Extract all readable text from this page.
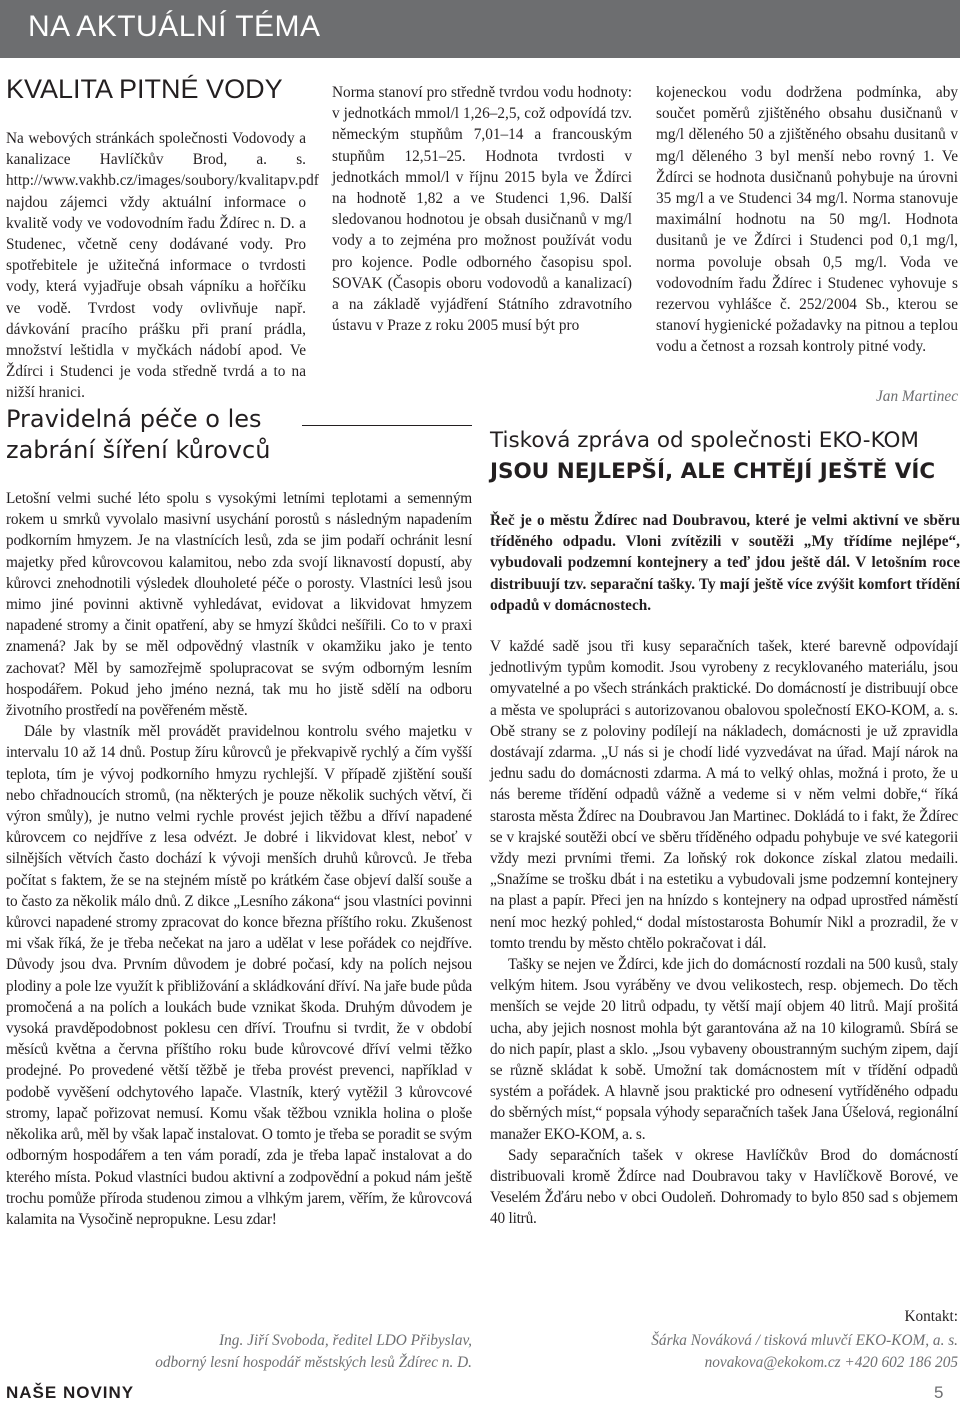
NA AKTUÁLNÍ TÉMA
KVALITA PITNÉ VODY

Na webových stránkách společnosti Vodovody a kanalizace Havlíčkův Brod, a. s. http://www.vakhb.cz/images/soubory/kvalitapv.pdf najdou zájemci vždy aktuální informace o kvalitě vody ve vodovodním řadu Ždírec n. D. a Studenec, včetně ceny dodávané vody. Pro spotřebitele je užitečná informace o tvrdosti vody, která vyjadřuje obsah vápníku a hořčíku ve vodě. Tvrdost vody ovlivňuje např. dávkování pracího prášku při praní prádla, množství leštidla v myčkách nádobí apod. Ve Ždírci i Studenci je voda středně tvrdá a to na nižší hranici.

Norma stanoví pro středně tvrdou vodu hodnoty: v jednotkách mmol/l 1,26–2,5, což odpovídá tzv. německým stupňům 7,01–14 a francouským stupňům 12,51–25. Hodnota tvrdosti v jednotkách mmol/l v říjnu 2015 byla ve Ždírci na hodnotě 1,82 a ve Studenci 1,96. Další sledovanou hodnotou je obsah dusičnanů v mg/l vody a to zejména pro možnost používát vodu pro kojence. Podle odborného časopisu spol. SOVAK (Časopis oboru vodovodů a kanalizací) a na základě vyjádření Státního zdravotního ústavu v Praze z roku 2005 musí být pro

kojeneckou vodu dodržena podmínka, aby součet poměrů zjištěného obsahu dusičnanů v mg/l děleného 50 a zjištěného obsahu dusitanů v mg/l děleného 3 byl menší nebo rovný 1. Ve Ždírci se hodnota dusičnanů pohybuje na úrovni 35 mg/l a ve Studenci 34 mg/l. Norma stanovuje maximální hodnotu na 50 mg/l. Hodnota dusitanů je ve Ždírci i Studenci pod 0,1 mg/l, norma povoluje obsah 0,5 mg/l. Voda ve vodovodním řadu Ždírec i Studenec vyhovuje s rezervou vyhlášce č. 252/2004 Sb., kterou se stanoví hygienické požadavky na pitnou a teplou vodu a četnost a rozsah kontroly pitné vody.

Jan Martinec
Pravidelná péče o les zabrání šíření kůrovců

Letošní velmi suché léto spolu s vysokými letními teplotami a semenným rokem u smrků vyvolalo masivní usychání porostů s následným napadením podkorním hmyzem. Je na vlastnících lesů, zda se jim podaří ochránit lesní majetky před kůrovcovou kalamitou, nebo zda svojí liknavostí dopustí, aby kůrovci znehodnotili výsledek dlouholeté péče o porosty. Vlastníci lesů jsou mimo jiné povinni aktivně vyhledávat, evidovat a likvidovat hmyzem napadené stromy a činit opatření, aby se hmyzí škůdci nešířili. Co to v praxi znamená? Jak by se měl odpovědný vlastník v okamžiku jako je tento zachovat? Měl by samozřejmě spolupracovat se svým odborným lesním hospodářem. Pokud jeho jméno nezná, tak mu ho jistě sdělí na odboru životního prostředí na pověřeném městě.

Dále by vlastník měl provádět pravidelnou kontrolu svého majetku v intervalu 10 až 14 dnů. Postup žíru kůrovců je překvapivě rychlý a čím vyšší teplota, tím je vývoj podkorního hmyzu rychlejší. V případě zjištění souší nebo chřadnoucích stromů, (na některých je pouze několik suchých větví, či výron smůly), je nutno velmi rychle provést jejich těžbu a dříví napadené kůrovcem co nejdříve z lesa odvézt. Je dobré i likvidovat klest, neboť v silnějších větvích často dochází k vývoji menších druhů kůrovců. Je třeba počítat s faktem, že se na stejném místě po krátkém čase objeví další souše a to často za několik málo dnů. Z dikce „Lesního zákona“ jsou vlastníci povinni kůrovci napadené stromy zpracovat do konce března příštího roku. Zkušenost mi však říká, že je třeba nečekat na jaro a udělat v lese pořádek co nejdříve. Důvody jsou dva. Prvním důvodem je dobré počasí, kdy na polích nejsou plodiny a pole lze využít k přibližování a skládkování dříví. Na jaře bude půda promočená a na polích a loukách bude vznikat škoda. Druhým důvodem je vysoká pravděpodobnost poklesu cen dříví. Troufnu si tvrdit, že v období měsíců května a června příštího roku bude kůrovcové dříví velmi těžko prodejné. Po provedené větší těžbě je třeba provést prevenci, například v podobě vyvěšení odchytového lapače. Vlastník, který vytěžil 3 kůrovcové stromy, lapač pořizovat nemusí. Komu však těžbou vznikla holina o ploše několika arů, měl by však lapač instalovat. O tomto je třeba se poradit se svým odborným hospodářem a ten vám poradí, zda je třeba lapač instalovat a do kterého místa. Pokud vlastníci budou aktivní a zodpovědní a pokud nám ještě trochu pomůže příroda studenou zimou a vlhkým jarem, věřím, že kůrovcová kalamita na Vysočině nepropukne. Lesu zdar!

Ing. Jiří Svoboda, ředitel LDO Přibyslav,
odborný lesní hospodář městských lesů Ždírec n. D.
Tisková zpráva od společnosti EKO-KOM
JSOU NEJLEPŠÍ, ALE CHTĚJÍ JEŠTĚ VÍC
Řeč je o městu Ždírec nad Doubravou, které je velmi aktivní ve sběru tříděného odpadu. Vloni zvítězili v soutěži „My třídíme nejlépe“, vybudovali podzemní kontejnery a teď jdou ještě dál. V letošním roce distribuují tzv. separační tašky. Ty mají ještě více zvýšit komfort třídění odpadů v domácnostech.

V každé sadě jsou tři kusy separačních tašek, které barevně odpovídají jednotlivým typům komodit. Jsou vyrobeny z recyklovaného materiálu, jsou omyvatelné a po všech stránkách praktické. Do domácností je distribuují obce a města ve spolupráci s autorizovanou obalovou společností EKO-KOM, a. s. Obě strany se z poloviny podílejí na nákladech, domácnosti je už zpravidla dostávají zdarma. „U nás si je chodí lidé vyzvedávat na úřad. Mají nárok na jednu sadu do domácnosti zdarma. A má to velký ohlas, možná i proto, že u nás bereme třídění odpadů vážně a vedeme si v něm velmi dobře,“ říká starosta města Ždírec na Doubravou Jan Martinec. Dokládá to i fakt, že Ždírec se v krajské soutěži obcí ve sběru tříděného odpadu pohybuje ve své kategorii vždy mezi prvními třemi. Za loňský rok dokonce získal zlatou medaili. „Snažíme se trošku dbát i na estetiku a vybudovali jsme podzemní kontejnery na plast a papír. Přeci jen na hnízdo s kontejnery na odpad uprostřed náměstí není moc hezký pohled,“ dodal místostarosta Bohumír Nikl a prozradil, že v tomto trendu by město chtělo pokračovat i dál.

Tašky se nejen ve Ždírci, kde jich do domácností rozdali na 500 kusů, staly velkým hitem. Jsou vyráběny ve dvou velikostech, resp. objemech. Do těch menších se vejde 20 litrů odpadu, ty větší mají objem 40 litrů. Mají prošitá ucha, aby jejich nosnost mohla být garantována až na 10 kilogramů. Sbírá se do nich papír, plast a sklo. „Jsou vybaveny oboustranným suchým zipem, dají se různě skládat k sobě. Umožní tak domácnostem mít v třídění odpadů systém a pořádek. A hlavně jsou praktické pro odnesení vytříděného odpadu do sběrných míst,“ popsala výhody separačních tašek Jana Úšelová, regionální manažer EKO-KOM, a. s.

Sady separačních tašek v okrese Havlíčkův Brod do domácností distribuovali kromě Ždírce nad Doubravou taky v Havlíčkově Borové, ve Veselém Žďáru nebo v obci Oudoleň. Dohromady to bylo 850 sad s objemem 40 litrů.

Kontakt:
Šárka Nováková / tisková mluvčí EKO-KOM, a. s.
novakova@ekokom.cz +420 602 186 205
NAŠE NOVINY	5
